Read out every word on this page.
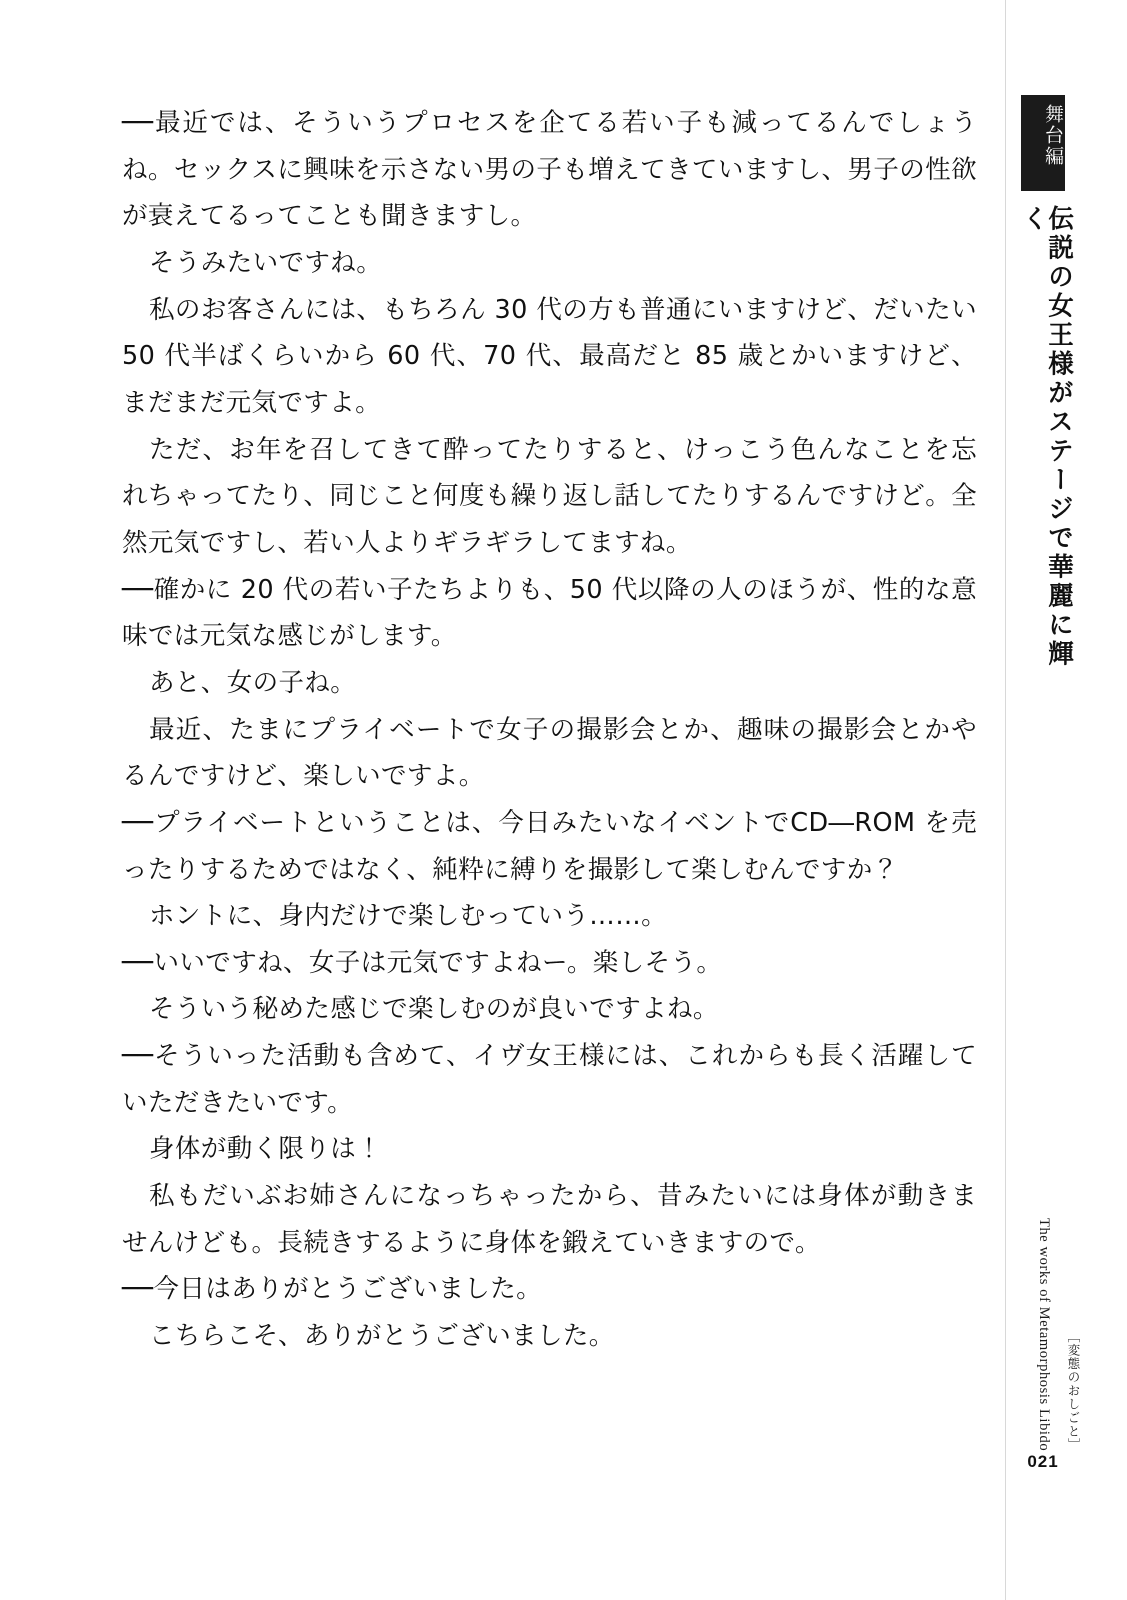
──最近では、そういうプロセスを企てる若い子も減ってるんでしょうね。セックスに興味を示さない男の子も増えてきていますし、男子の性欲が衰えてるってことも聞きますし。

そうみたいですね。

私のお客さんには、もちろん 30 代の方も普通にいますけど、だいたい 50 代半ばくらいから 60 代、70 代、最高だと 85 歳とかいますけど、まだまだ元気ですよ。

ただ、お年を召してきて酔ってたりすると、けっこう色んなことを忘れちゃってたり、同じこと何度も繰り返し話してたりするんですけど。全然元気ですし、若い人よりギラギラしてますね。

──確かに 20 代の若い子たちよりも、50 代以降の人のほうが、性的な意味では元気な感じがします。

あと、女の子ね。

最近、たまにプライベートで女子の撮影会とか、趣味の撮影会とかやるんですけど、楽しいですよ。

──プライベートということは、今日みたいなイベントでCD―ROM を売ったりするためではなく、純粋に縛りを撮影して楽しむんですか？

ホントに、身内だけで楽しむっていう……。

──いいですね、女子は元気ですよねー。楽しそう。

そういう秘めた感じで楽しむのが良いですよね。

──そういった活動も含めて、イヴ女王様には、これからも長く活躍していただきたいです。

身体が動く限りは！

私もだいぶお姉さんになっちゃったから、昔みたいには身体が動きませんけども。長続きするように身体を鍛えていきますので。

──今日はありがとうございました。

こちらこそ、ありがとうございました。

舞台編
伝説の女王様がステージで華麗に輝く
The works of Metamorphosis Libido ［変態のおしごと］
021
